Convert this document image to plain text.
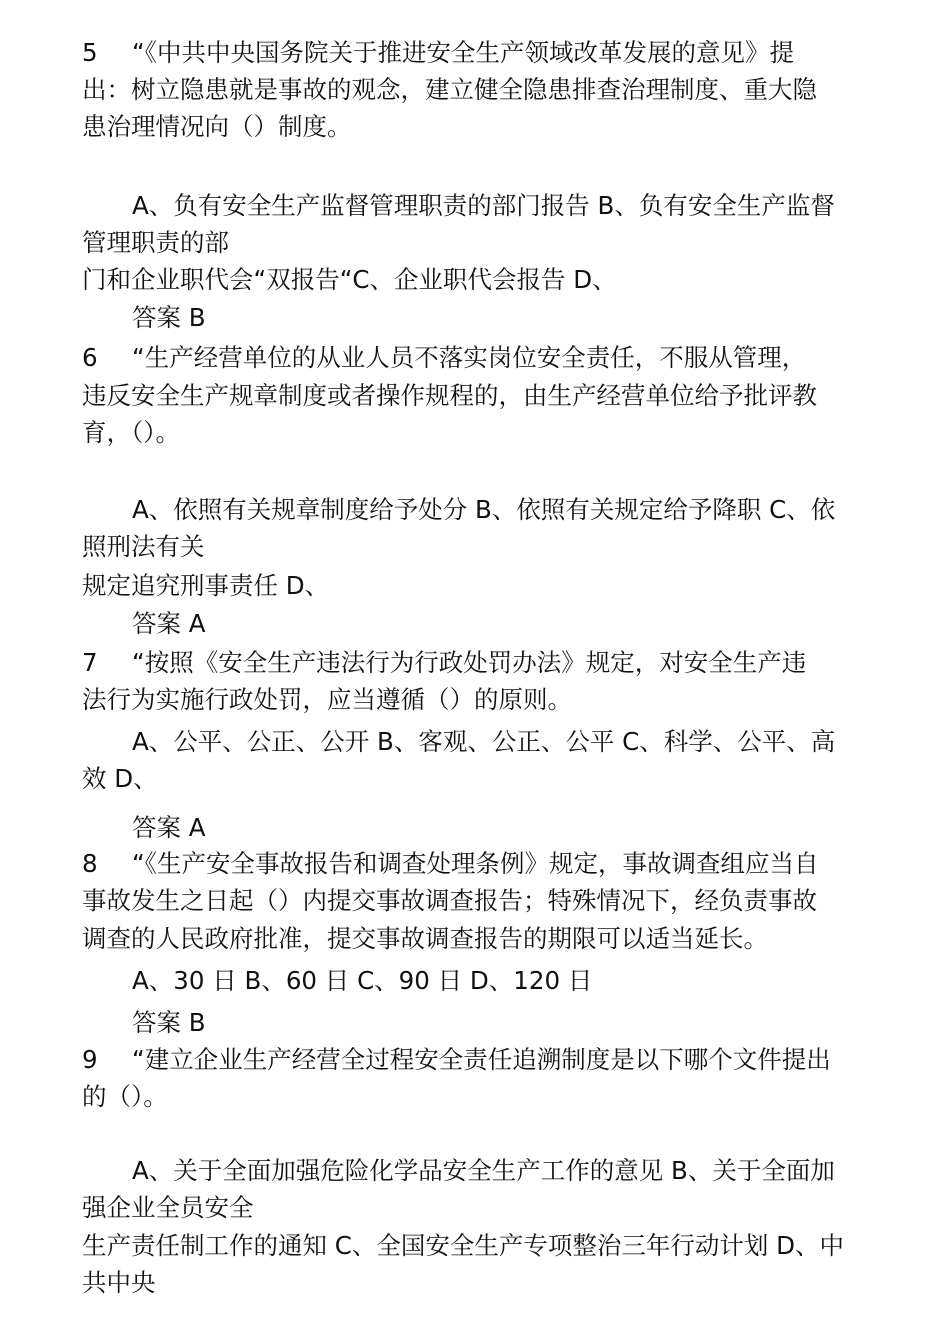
5 “《中共中央国务院关于推进安全生产领域改革发展的意见》提
出：树立隐患就是事故的观念，建立健全隐患排查治理制度、重大隐
患治理情况向（）制度。
A、负有安全生产监督管理职责的部门报告 B、负有安全生产监督
管理职责的部
门和企业职代会“双报告“C、企业职代会报告 D、
答案 B
6 “生产经营单位的从业人员不落实岗位安全责任，不服从管理，
违反安全生产规章制度或者操作规程的，由生产经营单位给予批评教
育，（）。
A、依照有关规章制度给予处分 B、依照有关规定给予降职 C、依
照刑法有关
规定追究刑事责任 D、
答案 A
7 “按照《安全生产违法行为行政处罚办法》规定，对安全生产违
法行为实施行政处罚，应当遵循（）的原则。
A、公平、公正、公开 B、客观、公正、公平 C、科学、公平、高
效 D、
答案 A
8 “《生产安全事故报告和调查处理条例》规定，事故调查组应当自
事故发生之日起（）内提交事故调查报告；特殊情况下，经负责事故
调查的人民政府批准，提交事故调查报告的期限可以适当延长。
A、30 日 B、60 日 C、90 日 D、120 日
答案 B
9 “建立企业生产经营全过程安全责任追溯制度是以下哪个文件提出
的（）。
A、关于全面加强危险化学品安全生产工作的意见 B、关于全面加
强企业全员安全
生产责任制工作的通知 C、全国安全生产专项整治三年行动计划 D、中
共中央
